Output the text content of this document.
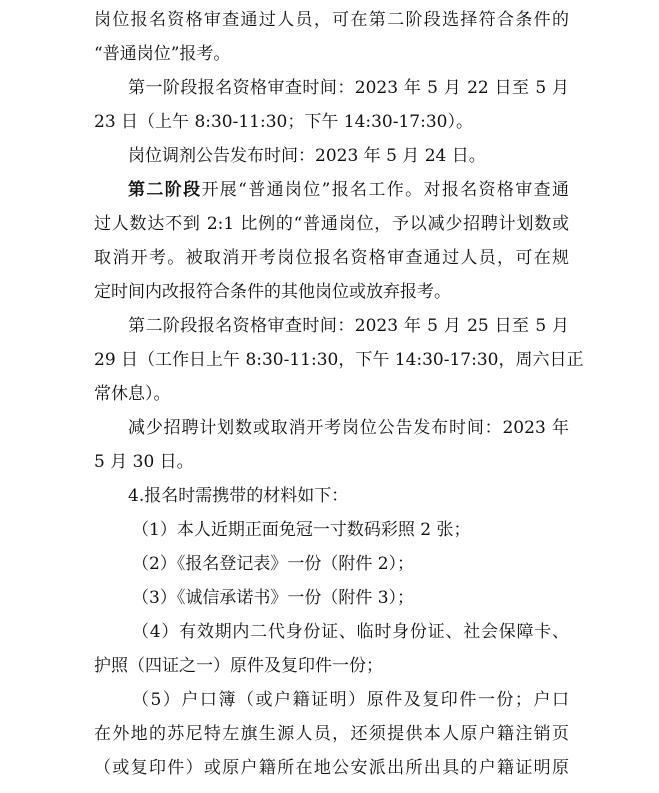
岗位报名资格审查通过人员，可在第二阶段选择符合条件的
“普通岗位”报考。
第一阶段报名资格审查时间：2023 年 5 月 22 日至 5 月
23 日（上午 8:30-11:30；下午 14:30-17:30）。
岗位调剂公告发布时间：2023 年 5 月 24 日。
第二阶段开展“普通岗位”报名工作。对报名资格审查通
过人数达不到 2:1 比例的“普通岗位，予以减少招聘计划数或
取消开考。被取消开考岗位报名资格审查通过人员，可在规
定时间内改报符合条件的其他岗位或放弃报考。
第二阶段报名资格审查时间：2023 年 5 月 25 日至 5 月
29 日（工作日上午 8:30-11:30，下午 14:30-17:30，周六日正
常休息）。
减少招聘计划数或取消开考岗位公告发布时间：2023 年
5 月 30 日。
4.报名时需携带的材料如下：
（1）本人近期正面免冠一寸数码彩照 2 张；
（2）《报名登记表》一份（附件 2）；
（3）《诚信承诺书》一份（附件 3）；
（4）有效期内二代身份证、临时身份证、社会保障卡、
护照（四证之一）原件及复印件一份；
（5）户口簿（或户籍证明）原件及复印件一份；户口
在外地的苏尼特左旗生源人员，还须提供本人原户籍注销页
（或复印件）或原户籍所在地公安派出所出具的户籍证明原
